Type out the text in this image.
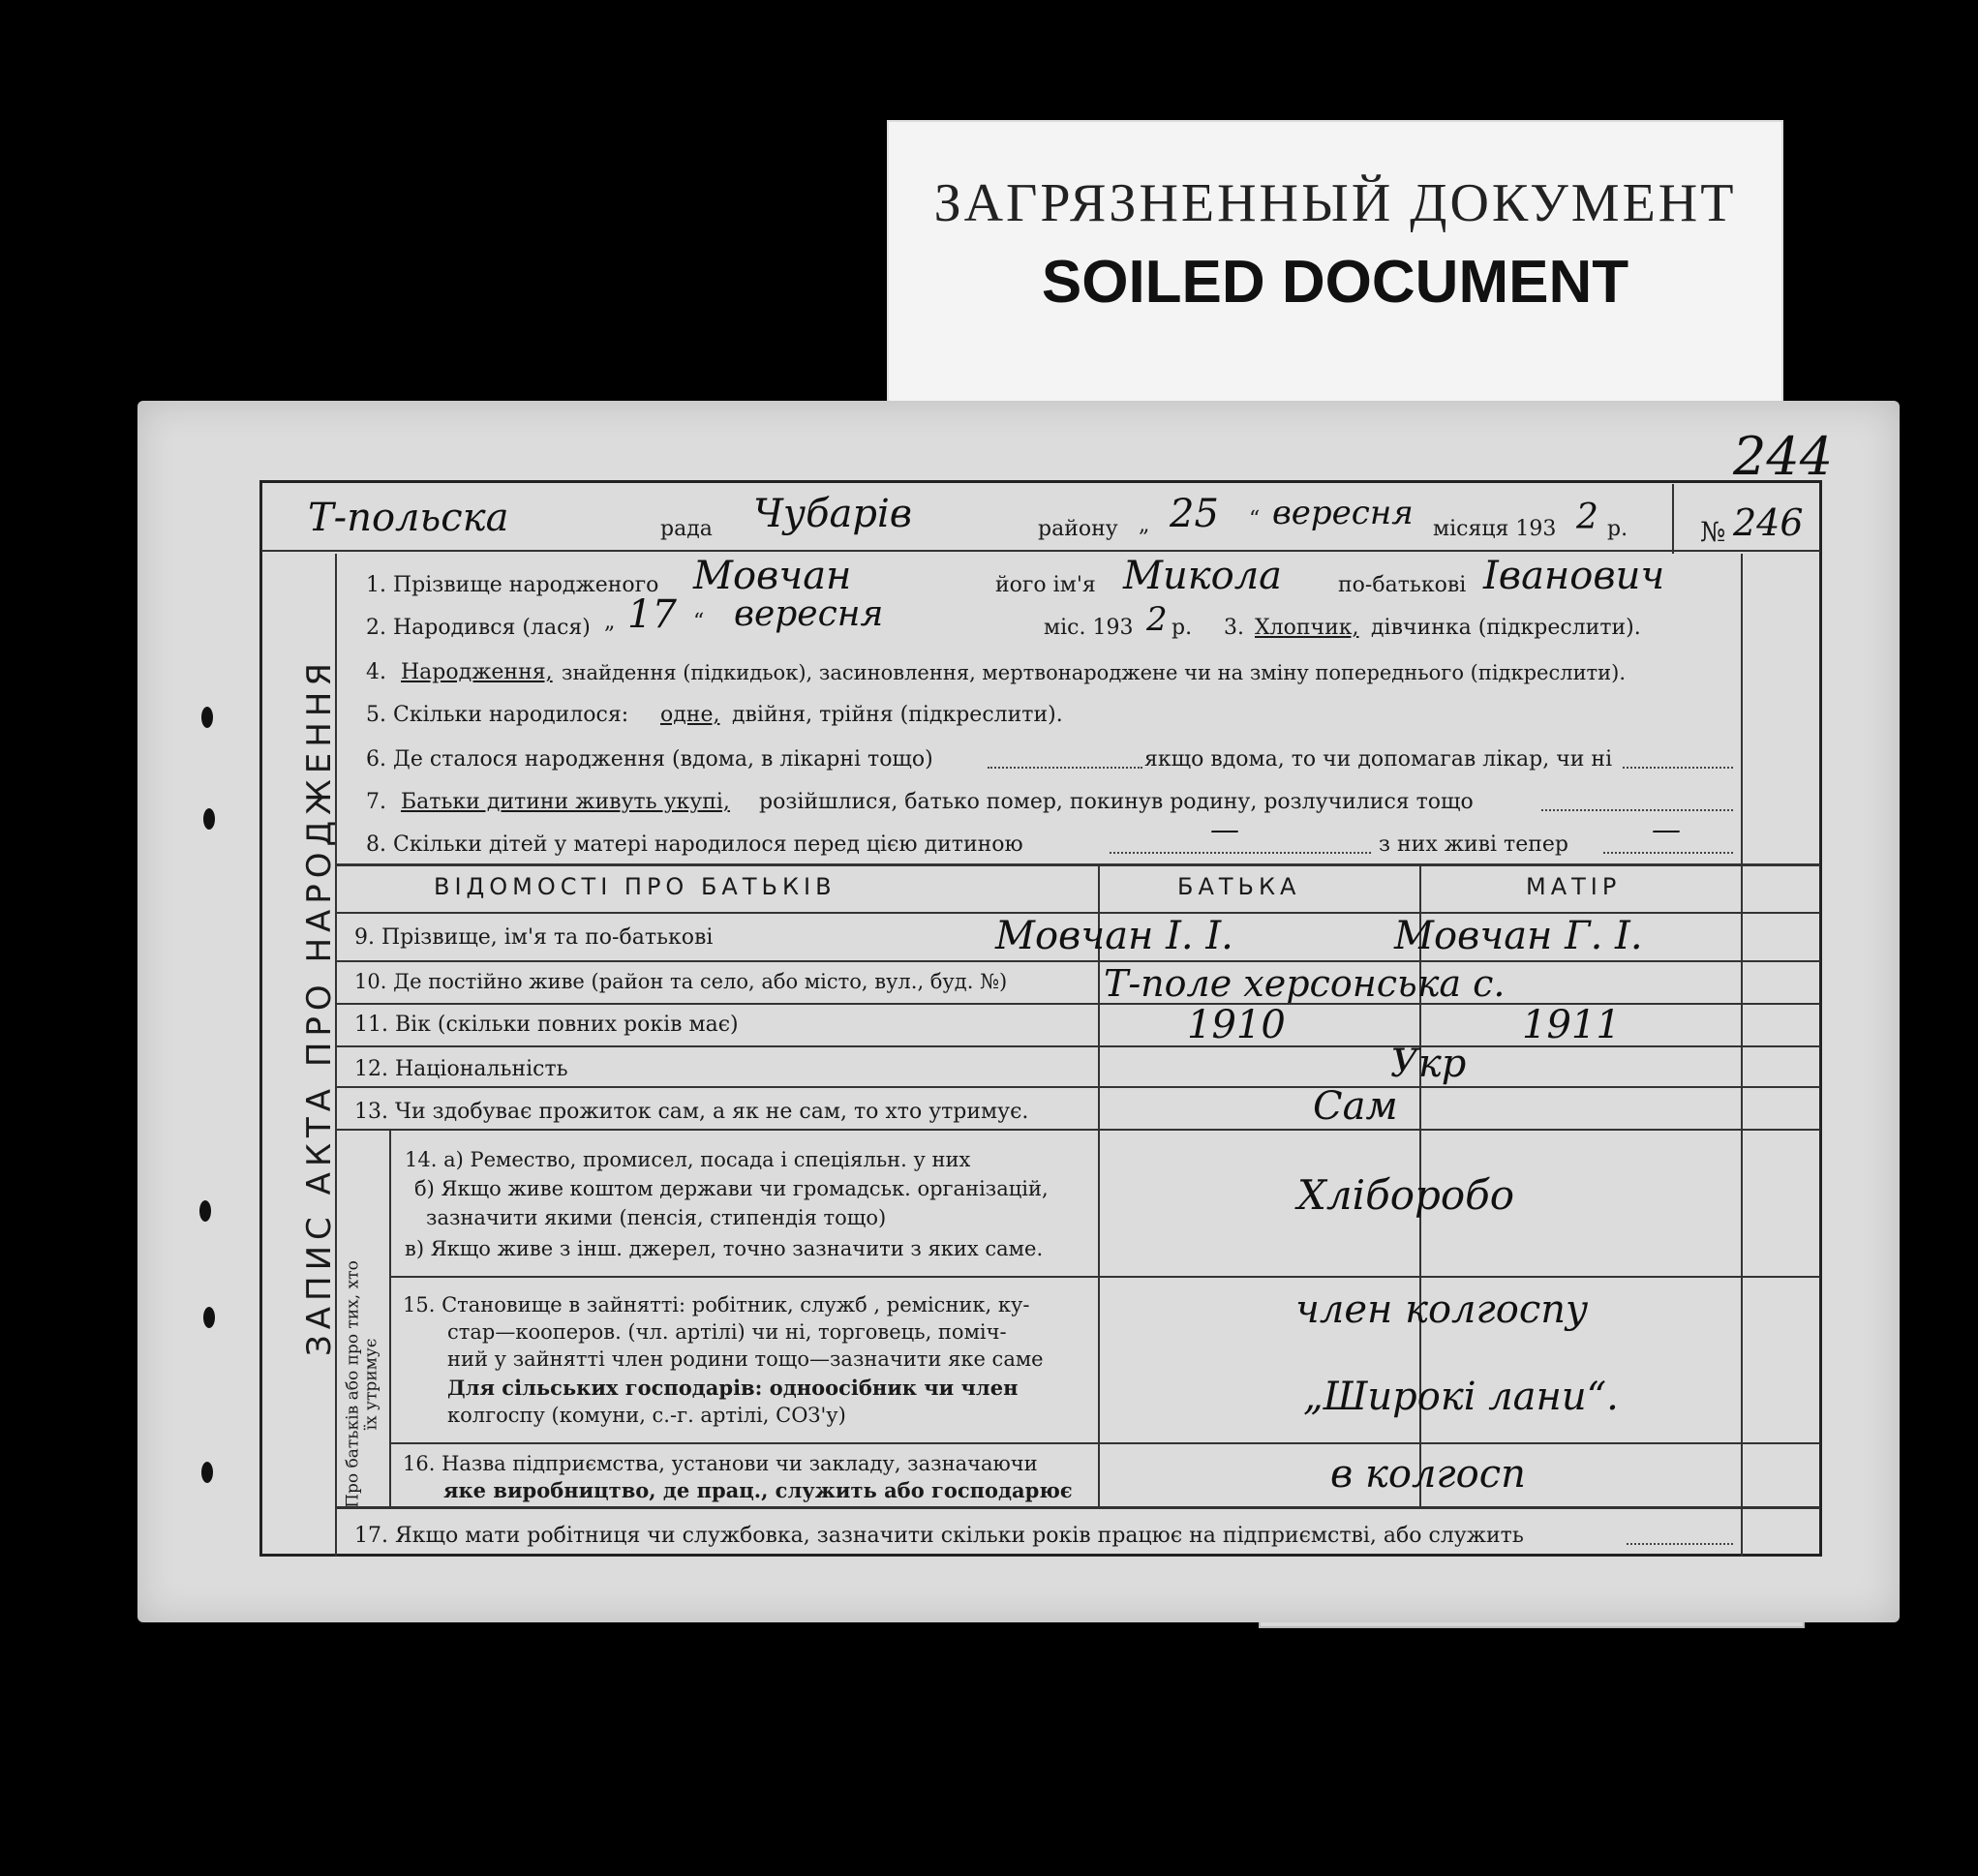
ЗАГРЯЗНЕННЫЙ ДОКУМЕНТ
SOILED DOCUMENT
244
ЗАПИС АКТА ПРО НАРОДЖЕННЯ
Про батьків або про тих, хто
їх утримує
Т-польска	рада Чубарів	району „ 25 “ вересня місяця 193 2 р.	№ 246
1. Прізвище народженого Мовчан	його ім'я Микола	по-батькові Іванович
2. Народився (лася) „ 17 “ вересня	міс. 193 2 р. 3. Хлопчик, дівчинка (підкреслити).
4. Народження, знайдення (підкидьок), засиновлення, мертвонароджене чи на зміну попереднього (підкреслити).
5. Скільки народилося: одне, двійня, трійня (підкреслити).
6. Де сталося народження (вдома, в лікарні тощо)	якщо вдома, то чи допомагав лікар, чи ні
7. Батьки дитини живуть укупі, розійшлися, батько помер, покинув родину, розлучилися тощо
8. Скільки дітей у матері народилося перед цією дитиною	—	з них живі тепер	—
ВІДОМОСТІ ПРО БАТЬКІВ	БАТЬКА	МАТІР
9. Прізвище, ім'я та по-батькові	Мовчан І. І.	Мовчан Г. І.
10. Де постійно живе (район та село, або місто, вул., буд. №)	Т-поле херсонська с.
11. Вік (скільки повних років має)	1910	1911
12. Національність	Укр
13. Чи здобуває прожиток сам, а як не сам, то хто утримує.	Сам
14. а) Ремество, промисел, посада і спеціяльн. у них
б) Якщо живе коштом держави чи громадськ. організацій,
зазначити якими (пенсія, стипендія тощо)
в) Якщо живе з інш. джерел, точно зазначити з яких саме.
Хліборобо
15. Становище в зайнятті: робітник, служб , ремісник, ку-
стар—кооперов. (чл. артілі) чи ні, торговець, поміч-
ний у зайнятті член родини тощо—зазначити яке саме
Для сільських господарів: одноосібник чи член
колгоспу (комуни, с.-г. артілі, СОЗ'у)
член колгоспу
„Широкі лани“.
16. Назва підприємства, установи чи закладу, зазначаючи
яке виробництво, де прац., служить або господарює	в колгосп
17. Якщо мати робітниця чи службовка, зазначити скільки років працює на підприємстві, або служить
